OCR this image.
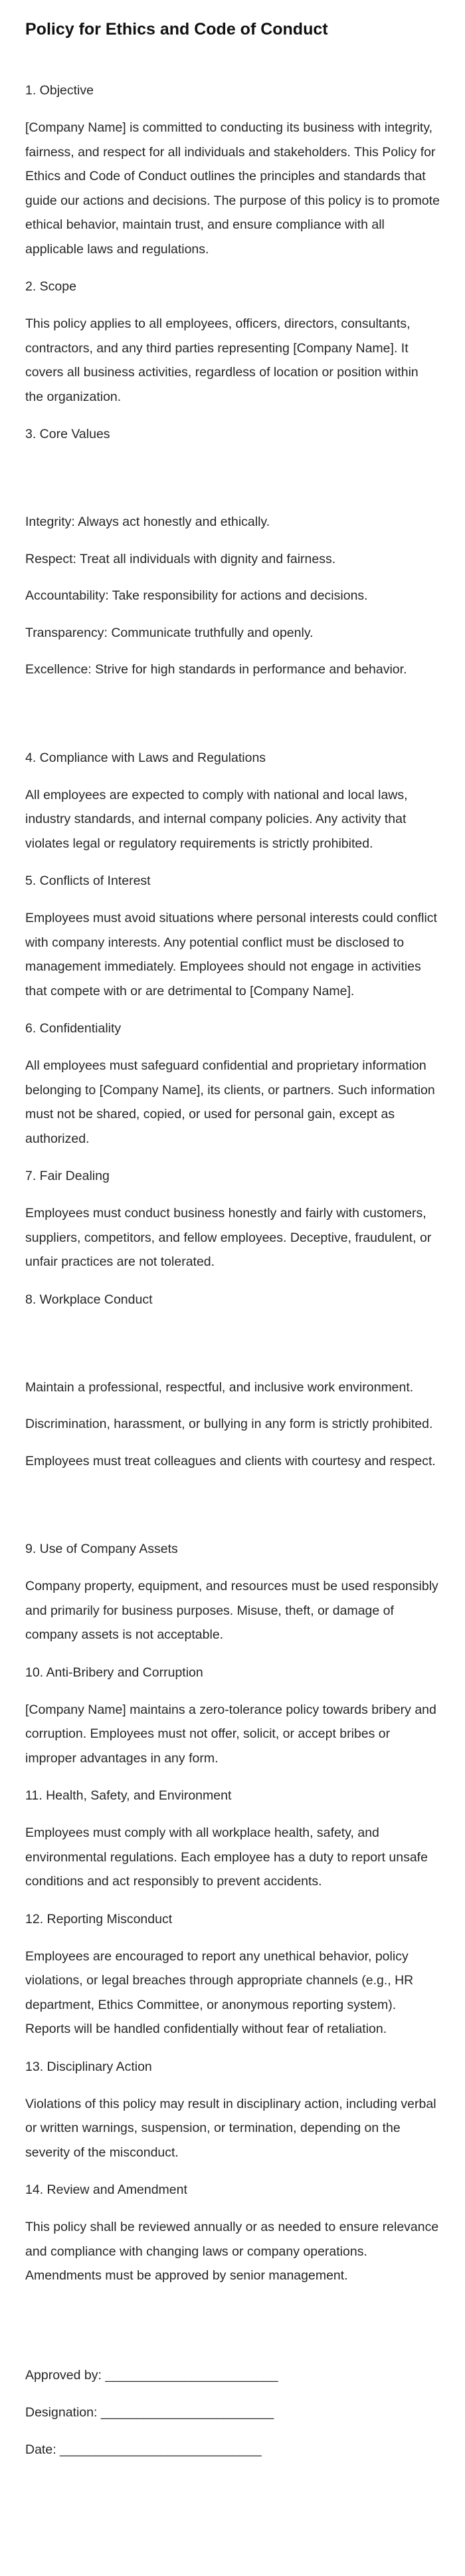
Policy for Ethics and Code of Conduct
1. Objective

[Company Name] is committed to conducting its business with integrity, fairness, and respect for all individuals and stakeholders. This Policy for Ethics and Code of Conduct outlines the principles and standards that guide our actions and decisions. The purpose of this policy is to promote ethical behavior, maintain trust, and ensure compliance with all applicable laws and regulations.

2. Scope

This policy applies to all employees, officers, directors, consultants, contractors, and any third parties representing [Company Name]. It covers all business activities, regardless of location or position within the organization.

3. Core Values
Integrity: Always act honestly and ethically.
Respect: Treat all individuals with dignity and fairness.
Accountability: Take responsibility for actions and decisions.
Transparency: Communicate truthfully and openly.
Excellence: Strive for high standards in performance and behavior.
4. Compliance with Laws and Regulations

All employees are expected to comply with national and local laws, industry standards, and internal company policies. Any activity that violates legal or regulatory requirements is strictly prohibited.

5. Conflicts of Interest

Employees must avoid situations where personal interests could conflict with company interests. Any potential conflict must be disclosed to management immediately. Employees should not engage in activities that compete with or are detrimental to [Company Name].

6. Confidentiality

All employees must safeguard confidential and proprietary information belonging to [Company Name], its clients, or partners. Such information must not be shared, copied, or used for personal gain, except as authorized.

7. Fair Dealing

Employees must conduct business honestly and fairly with customers, suppliers, competitors, and fellow employees. Deceptive, fraudulent, or unfair practices are not tolerated.

8. Workplace Conduct
Maintain a professional, respectful, and inclusive work environment.
Discrimination, harassment, or bullying in any form is strictly prohibited.
Employees must treat colleagues and clients with courtesy and respect.
9. Use of Company Assets

Company property, equipment, and resources must be used responsibly and primarily for business purposes. Misuse, theft, or damage of company assets is not acceptable.

10. Anti-Bribery and Corruption

[Company Name] maintains a zero-tolerance policy towards bribery and corruption. Employees must not offer, solicit, or accept bribes or improper advantages in any form.

11. Health, Safety, and Environment

Employees must comply with all workplace health, safety, and environmental regulations. Each employee has a duty to report unsafe conditions and act responsibly to prevent accidents.

12. Reporting Misconduct

Employees are encouraged to report any unethical behavior, policy violations, or legal breaches through appropriate channels (e.g., HR department, Ethics Committee, or anonymous reporting system). Reports will be handled confidentially without fear of retaliation.

13. Disciplinary Action

Violations of this policy may result in disciplinary action, including verbal or written warnings, suspension, or termination, depending on the severity of the misconduct.

14. Review and Amendment

This policy shall be reviewed annually or as needed to ensure relevance and compliance with changing laws or company operations. Amendments must be approved by senior management.

Approved by: ________________________

Designation: ________________________

Date: ____________________________
